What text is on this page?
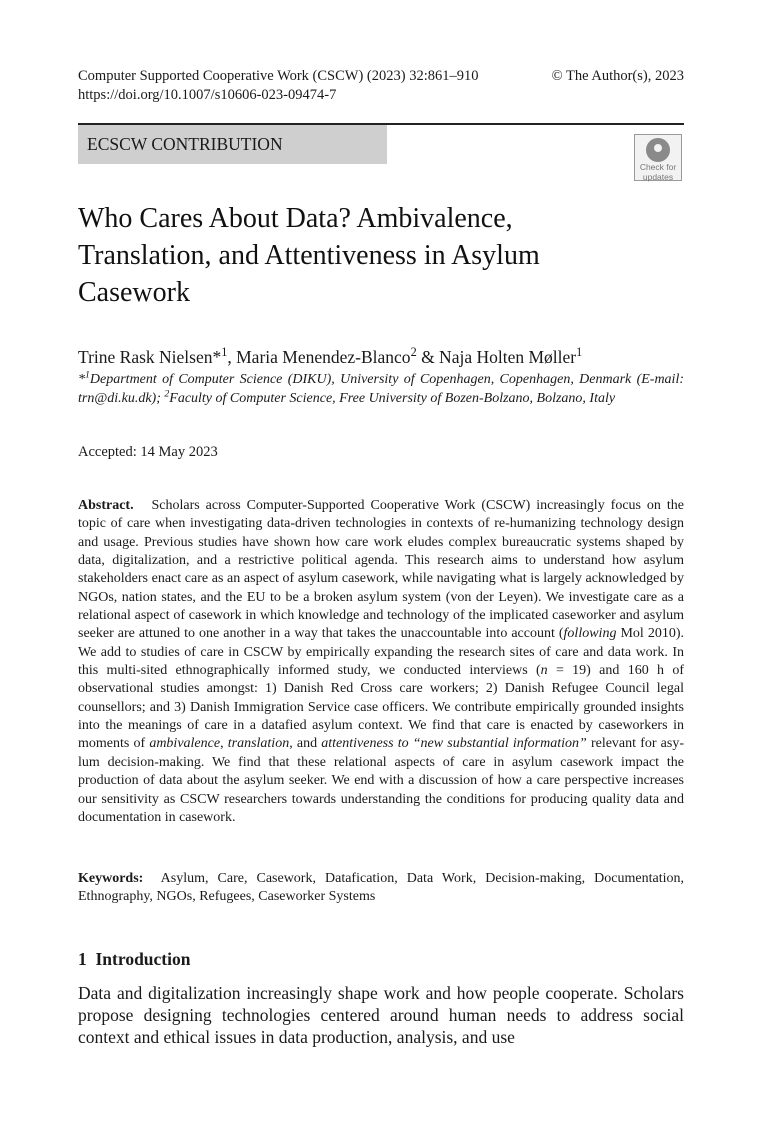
Computer Supported Cooperative Work (CSCW) (2023) 32:861–910	© The Author(s), 2023
https://doi.org/10.1007/s10606-023-09474-7
ECSCW CONTRIBUTION
Check for
updates
Who Cares About Data? Ambivalence, Translation, and Attentiveness in Asylum Casework
Trine Rask Nielsen*$^1$, Maria Menendez-Blanco$^2$ & Naja Holten Møller$^1$
*$^1$Department of Computer Science (DIKU), University of Copenhagen, Copenhagen, Denmark (E-mail: trn@di.ku.dk); $^2$Faculty of Computer Science, Free University of Bozen-Bolzano, Bolzano, Italy
Accepted: 14 May 2023
Abstract. Scholars across Computer-Supported Cooperative Work (CSCW) increasingly focus on the topic of care when investigating data-driven technologies in contexts of re-humanizing technology design and usage. Previous studies have shown how care work eludes complex bureaucratic systems shaped by data, digitalization, and a restrictive political agenda. This research aims to understand how asylum stakeholders enact care as an aspect of asylum casework, while navigating what is largely acknowledged by NGOs, nation states, and the EU to be a broken asylum system (von der Leyen). We investigate care as a relational aspect of casework in which knowledge and technology of the implicated caseworker and asylum seeker are attuned to one another in a way that takes the unaccountable into account (following Mol 2010). We add to studies of care in CSCW by empirically expanding the research sites of care and data work. In this multi-sited ethnographically informed study, we conducted interviews (n = 19) and 160 h of observational studies amongst: 1) Danish Red Cross care workers; 2) Danish Refugee Council legal counsellors; and 3) Danish Immigration Service case officers. We contribute empirically grounded insights into the meanings of care in a datafied asylum context. We find that care is enacted by caseworkers in moments of ambivalence, translation, and attentiveness to “new substantial information” relevant for asylum decision-making. We find that these relational aspects of care in asylum casework impact the production of data about the asylum seeker. We end with a discussion of how a care perspective increases our sensitivity as CSCW researchers towards understanding the conditions for producing quality data and documentation in casework.
Keywords: Asylum, Care, Casework, Datafication, Data Work, Decision-making, Documentation, Ethnography, NGOs, Refugees, Caseworker Systems
1 Introduction
Data and digitalization increasingly shape work and how people cooperate. Scholars propose designing technologies centered around human needs to address social context and ethical issues in data production, analysis, and use
